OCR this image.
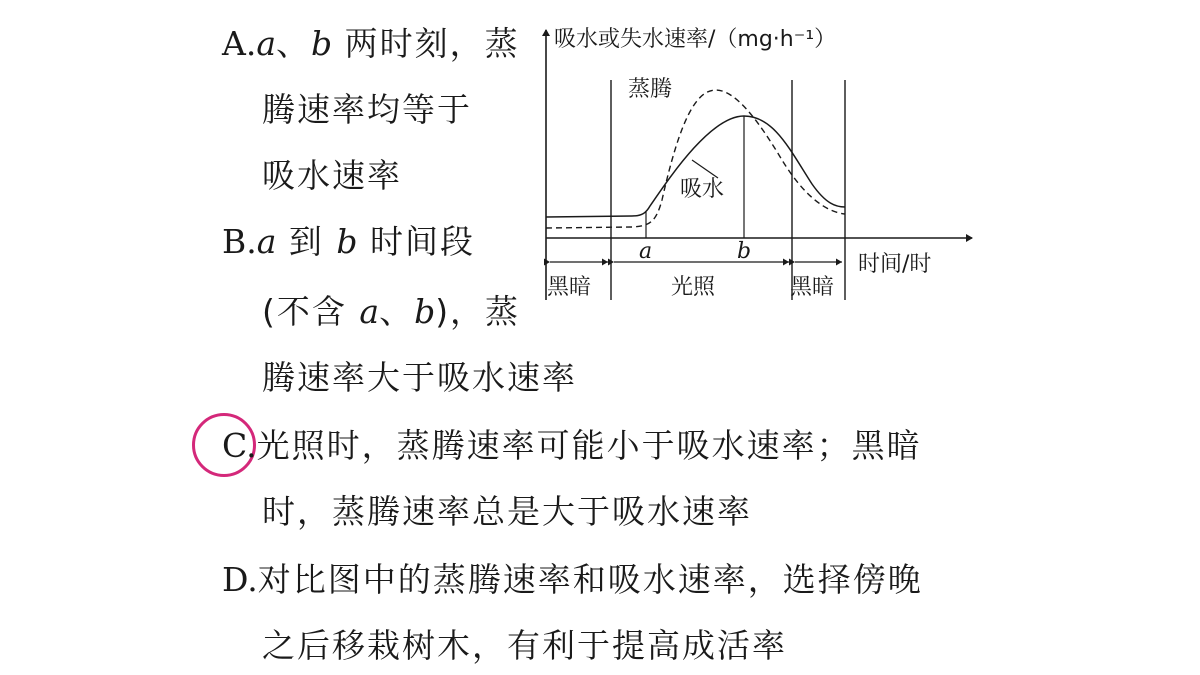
A.a、b 两时刻，蒸
腾速率均等于
吸水速率
B.a 到 b 时间段
(不含 a、b)，蒸
腾速率大于吸水速率
C.光照时，蒸腾速率可能小于吸水速率；黑暗
时，蒸腾速率总是大于吸水速率
D.对比图中的蒸腾速率和吸水速率，选择傍晚
之后移栽树木，有利于提高成活率
吸水或失水速率/（mg·h⁻¹）
时间/时
a	b
黑暗	光照	黑暗
蒸腾
吸水
